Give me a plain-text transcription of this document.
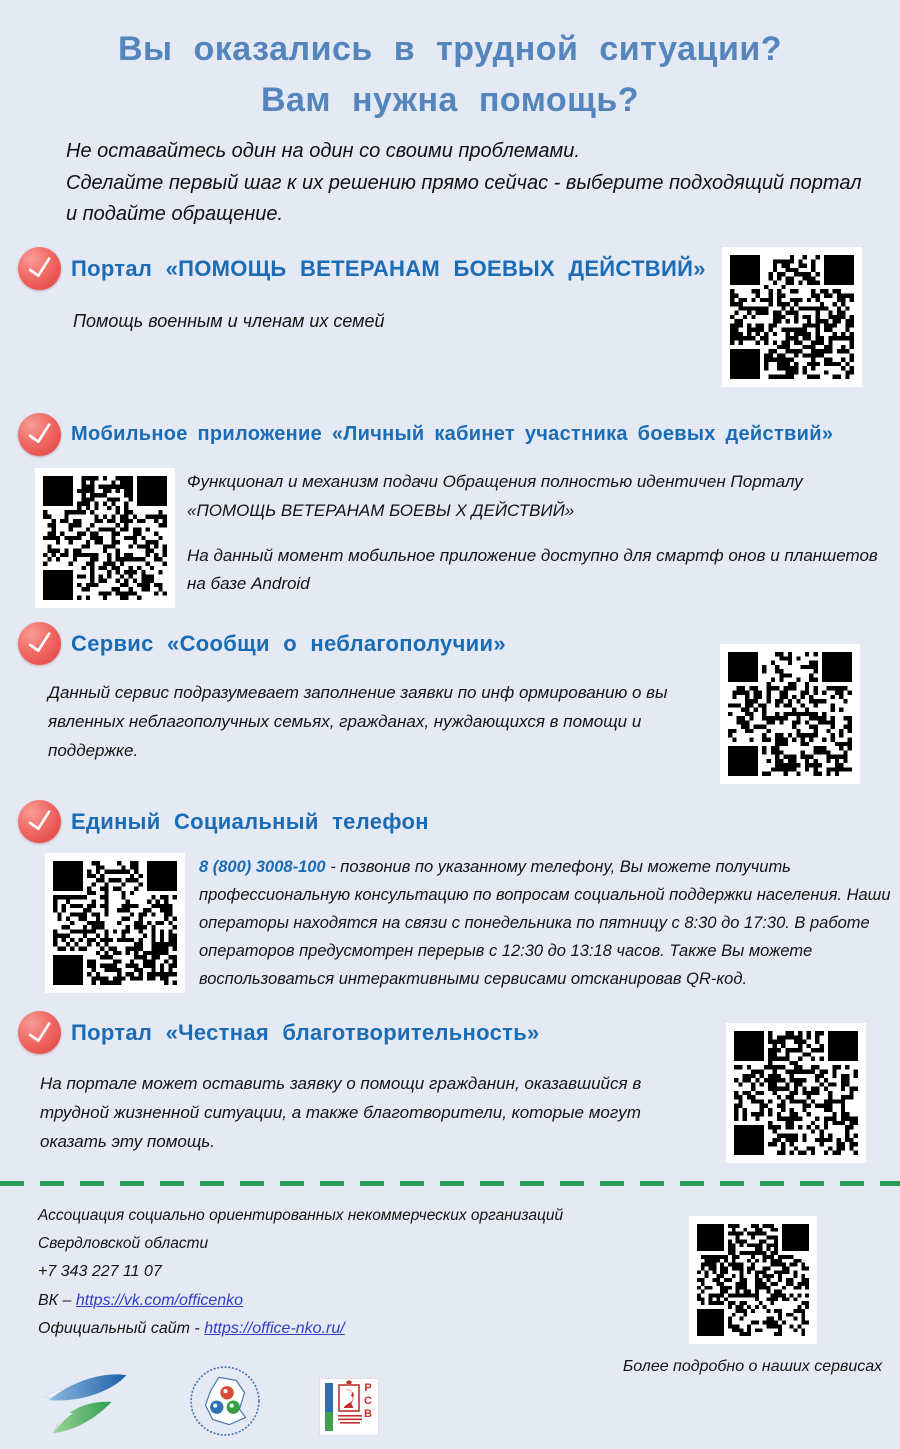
Вы оказались в трудной ситуации?
Вам нужна помощь?
Не оставайтесь один на один со своими проблемами.
Сделайте первый шаг к их решению прямо сейчас - выберите подходящий портал и подайте обращение.
Портал «ПОМОЩЬ ВЕТЕРАНАМ БОЕВЫХ ДЕЙСТВИЙ»
Помощь военным и членам их семей
Мобильное приложение «Личный кабинет участника боевых действий»

Функционал и механизм подачи Обращения полностью идентичен Порталу «ПОМОЩЬ ВЕТЕРАНАМ БОЕВЫ Х ДЕЙСТВИЙ»

На данный момент мобильное приложение доступно для смартф онов и планшетов на базе Android

Сервис «Сообщи о неблагополучии»

Данный сервис подразумевает заполнение заявки по инф ормированию о вы явленных неблагополучных семьях, гражданах, нуждающихся в помощи и поддержке.

Единый Социальный телефон

8 (800) 3008-100 - позвонив по указанному телефону, Вы можете получить профессиональную консультацию по вопросам социальной поддержки населения. Наши операторы находятся на связи с понедельника по пятницу с 8:30 до 17:30. В работе операторов предусмотрен перерыв с 12:30 до 13:18 часов. Также Вы можете воспользоваться интерактивными сервисами отсканировав QR-код.

Портал «Честная благотворительность»

На портале может оставить заявку о помощи гражданин, оказавшийся в трудной жизненной ситуации, а также благотворители, которые могут оказать эту помощь.

Ассоциация социально ориентированных некоммерческих организаций Свердловской области
+7 343 227 11 07
ВК – https://vk.com/officenko
Официальный сайт - https://office-nko.ru/
Р С В
Более подробно о наших сервисах
